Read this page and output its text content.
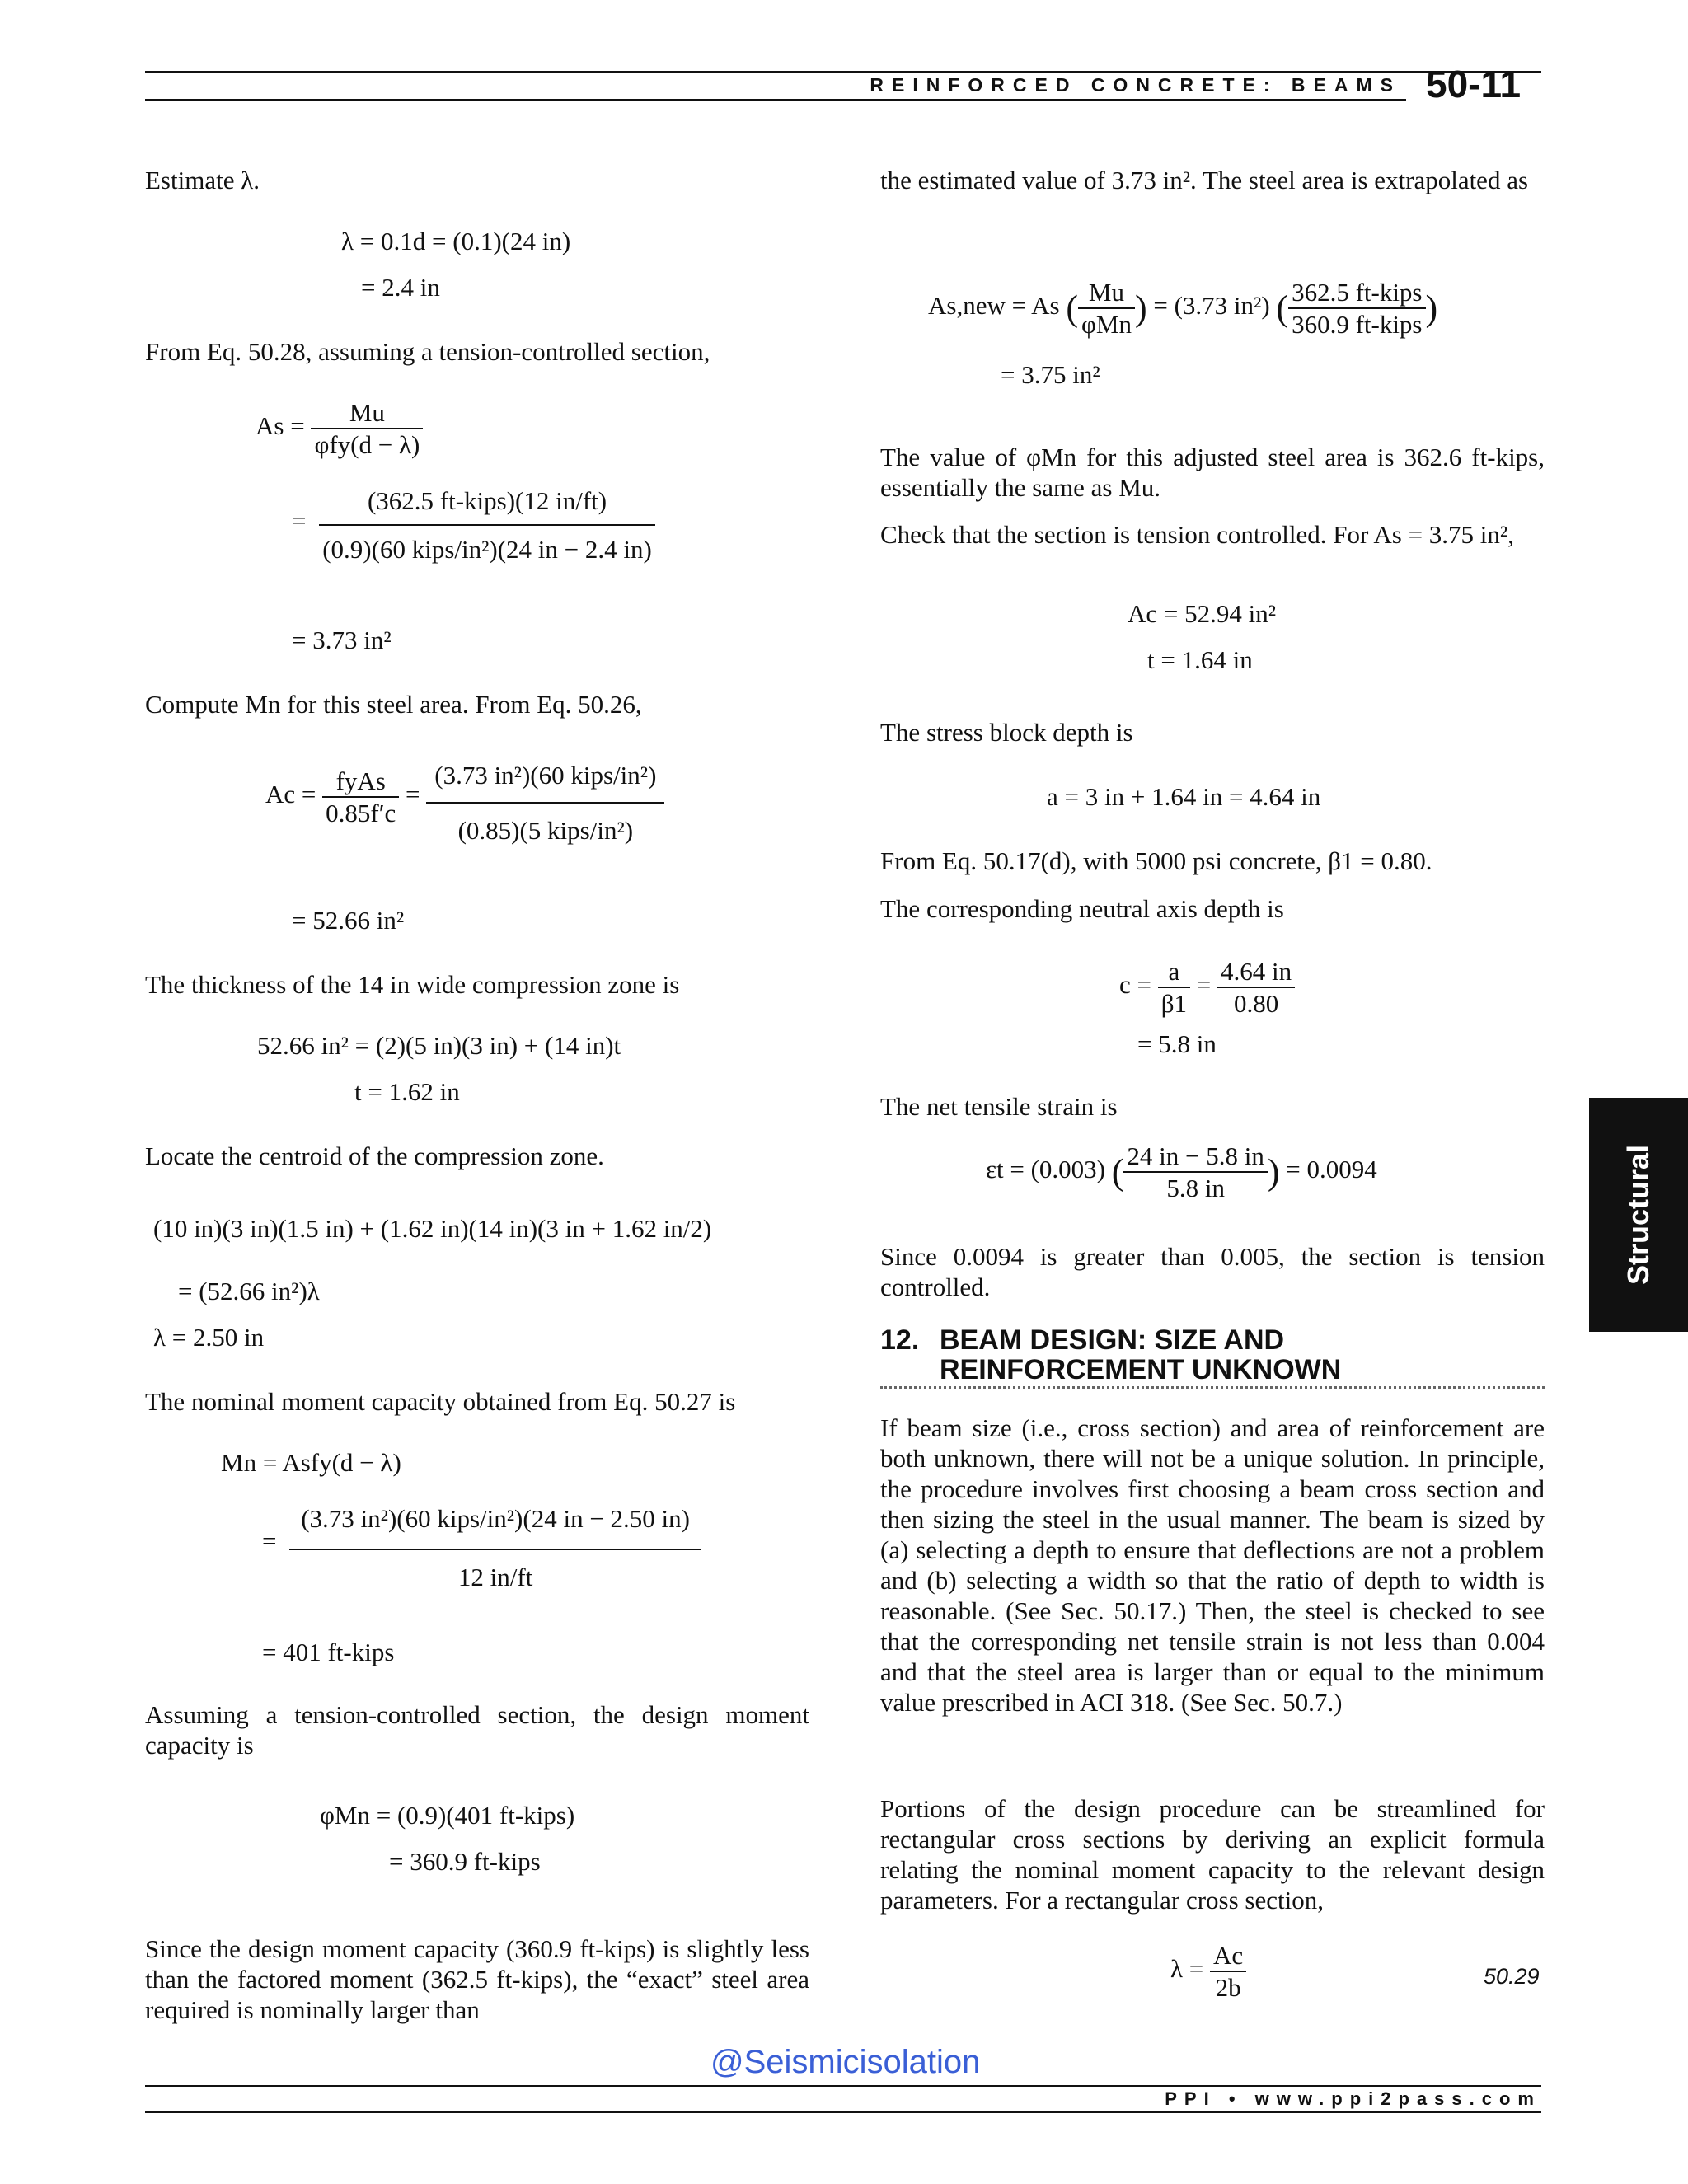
REINFORCED CONCRETE: BEAMS 50-11

Estimate λ.

λ = 0.1d = (0.1)(24 in)
= 2.4 in

From Eq. 50.28, assuming a tension-controlled section,

$As = \frac{Mu}{\text{φfy(d − λ)}}$
= $\frac{\text{(362.5 ft-kips)(12 in/ft)}}{\text{(0.9)(60 kips/in²)(24 in − 2.4 in)}}$
= 3.73 in²

Compute Mn for this steel area. From Eq. 50.26,

$Ac = \frac{\text{fyAs}}{0.85f'c} = \frac{\text{(3.73 in²)(60 kips/in²)}}{\text{(0.85)(5 kips/in²)}}$
= 52.66 in²

The thickness of the 14 in wide compression zone is

52.66 in² = (2)(5 in)(3 in) + (14 in)t
t = 1.62 in

Locate the centroid of the compression zone.

(10 in)(3 in)(1.5 in) + (1.62 in)(14 in)(3 in + 1.62 in/2)
= (52.66 in²)λ
λ = 2.50 in

The nominal moment capacity obtained from Eq. 50.27 is

Mn = Asfy(d − λ)
= $\frac{\text{(3.73 in²)(60 kips/in²)(24 in − 2.50 in)}}{12 in/ft}$
= 401 ft-kips

Assuming a tension-controlled section, the design moment capacity is

φMn = (0.9)(401 ft-kips)
= 360.9 ft-kips

Since the design moment capacity (360.9 ft-kips) is slightly less than the factored moment (362.5 ft-kips), the “exact” steel area required is nominally larger than

the estimated value of 3.73 in². The steel area is extrapolated as

As,new = As ( $\frac{Mu}{\text{φMn}}$ ) = (3.73 in²) ( $\frac{\text{362.5 ft-kips}}{\text{360.9 ft-kips}}$ )
= 3.75 in²

The value of φMn for this adjusted steel area is 362.6 ft-kips, essentially the same as Mu.

Check that the section is tension controlled. For As = 3.75 in²,

Ac = 52.94 in²
t = 1.64 in

The stress block depth is

a = 3 in + 1.64 in = 4.64 in

From Eq. 50.17(d), with 5000 psi concrete, β1 = 0.80.

The corresponding neutral axis depth is

$c = \frac{a}{\beta 1} = \frac{4.64 in}{0.80}$
= 5.8 in

The net tensile strain is

εt = (0.003) ( $\frac{24 in - 5.8 in}{5.8 in}$ ) = 0.0094

Since 0.0094 is greater than 0.005, the section is tension controlled.

12. BEAM DESIGN: SIZE AND
REINFORCEMENT UNKNOWN

If beam size (i.e., cross section) and area of reinforcement are both unknown, there will not be a unique solution. In principle, the procedure involves first choosing a beam cross section and then sizing the steel in the usual manner. The beam is sized by (a) selecting a depth to ensure that deflections are not a problem and (b) selecting a width so that the ratio of depth to width is reasonable. (See Sec. 50.17.) Then, the steel is checked to see that the corresponding net tensile strain is not less than 0.004 and that the steel area is larger than or equal to the minimum value prescribed in ACI 318. (See Sec. 50.7.)

Portions of the design procedure can be streamlined for rectangular cross sections by deriving an explicit formula relating the nominal moment capacity to the relevant design parameters. For a rectangular cross section,

$\lambda = \frac{Ac}{2b}$	50.29
Structural
@Seismicisolation
PPI • www.ppi2pass.com
